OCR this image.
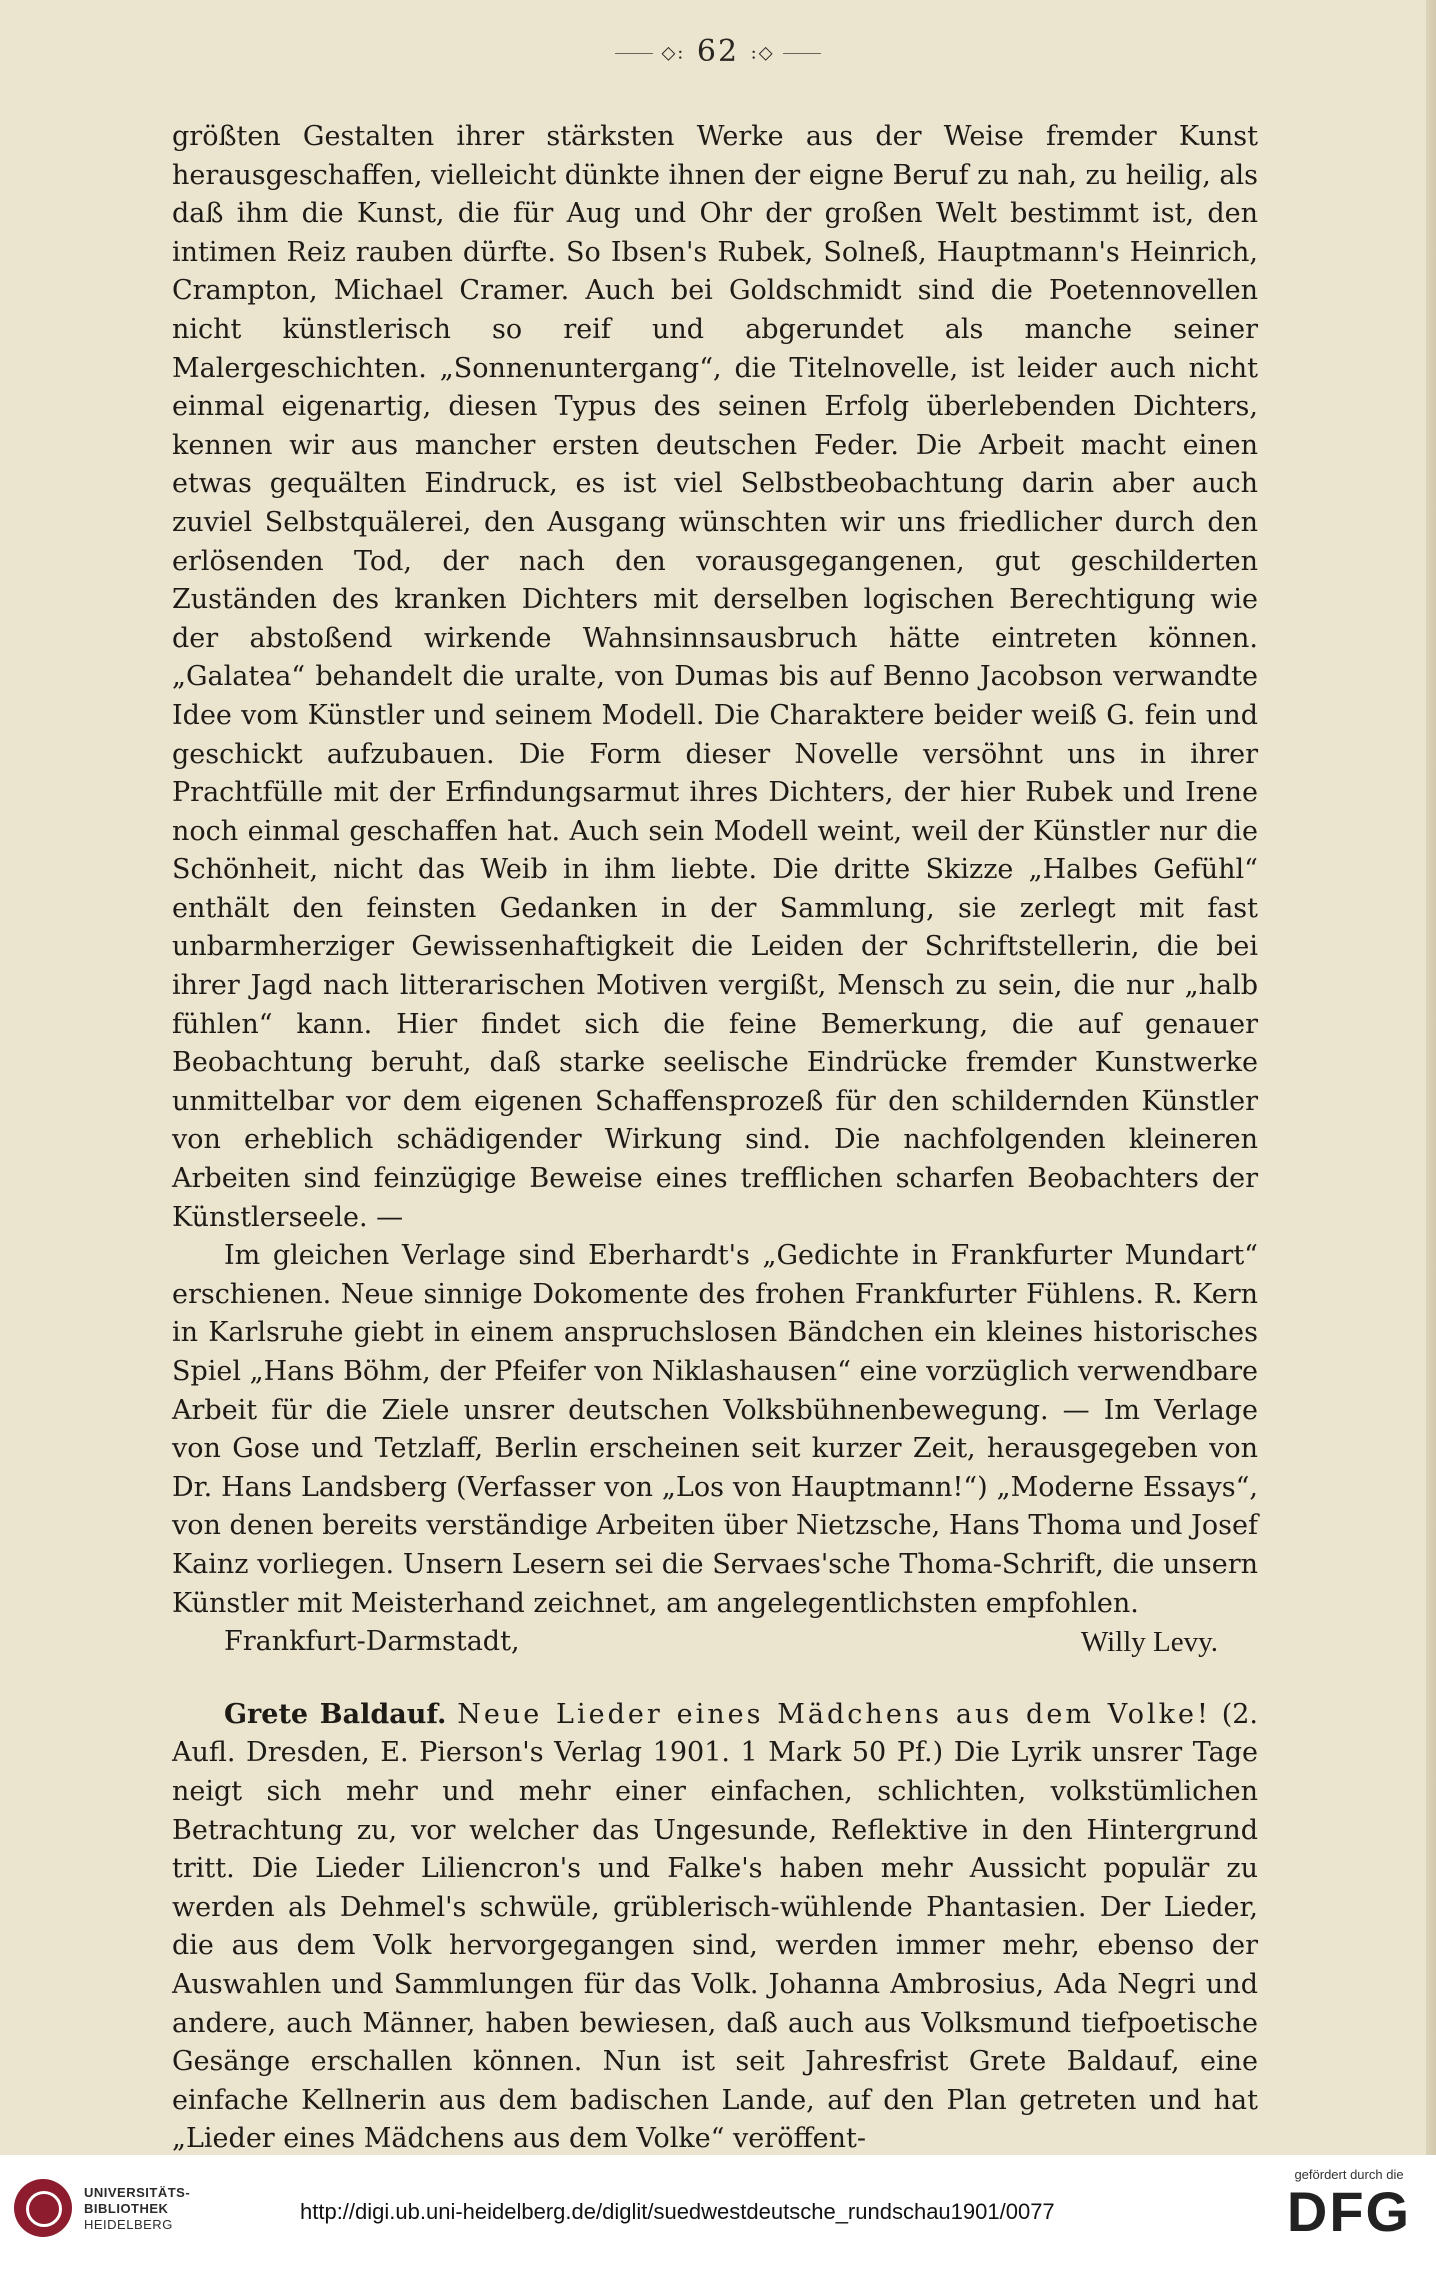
◇: 62 :◇

größten Gestalten ihrer stärksten Werke aus der Weise fremder Kunst herausgeschaffen, vielleicht dünkte ihnen der eigne Beruf zu nah, zu heilig, als daß ihm die Kunst, die für Aug und Ohr der großen Welt bestimmt ist, den intimen Reiz rauben dürfte. So Ibsen's Rubek, Solneß, Hauptmann's Heinrich, Crampton, Michael Cramer. Auch bei Goldschmidt sind die Poetennovellen nicht künstlerisch so reif und abgerundet als manche seiner Malergeschichten. „Sonnenuntergang“, die Titelnovelle, ist leider auch nicht einmal eigenartig, diesen Typus des seinen Erfolg überlebenden Dichters, kennen wir aus mancher ersten deutschen Feder. Die Arbeit macht einen etwas gequälten Eindruck, es ist viel Selbstbeobachtung darin aber auch zuviel Selbstquälerei, den Ausgang wünschten wir uns friedlicher durch den erlösenden Tod, der nach den vorausgegangenen, gut geschilderten Zuständen des kranken Dichters mit derselben logischen Berechtigung wie der abstoßend wirkende Wahnsinnsausbruch hätte eintreten können. „Galatea“ behandelt die uralte, von Dumas bis auf Benno Jacobson verwandte Idee vom Künstler und seinem Modell. Die Charaktere beider weiß G. fein und geschickt aufzubauen. Die Form dieser Novelle versöhnt uns in ihrer Prachtfülle mit der Erfindungsarmut ihres Dichters, der hier Rubek und Irene noch einmal geschaffen hat. Auch sein Modell weint, weil der Künstler nur die Schönheit, nicht das Weib in ihm liebte. Die dritte Skizze „Halbes Gefühl“ enthält den feinsten Gedanken in der Sammlung, sie zerlegt mit fast unbarmherziger Gewissenhaftigkeit die Leiden der Schriftstellerin, die bei ihrer Jagd nach litterarischen Motiven vergißt, Mensch zu sein, die nur „halb fühlen“ kann. Hier findet sich die feine Bemerkung, die auf genauer Beobachtung beruht, daß starke seelische Eindrücke fremder Kunstwerke unmittelbar vor dem eigenen Schaffensprozeß für den schildernden Künstler von erheblich schädigender Wirkung sind. Die nachfolgenden kleineren Arbeiten sind feinzügige Beweise eines trefflichen scharfen Beobachters der Künstlerseele. —

Im gleichen Verlage sind Eberhardt's „Gedichte in Frankfurter Mundart“ erschienen. Neue sinnige Dokomente des frohen Frankfurter Fühlens. R. Kern in Karlsruhe giebt in einem anspruchslosen Bändchen ein kleines historisches Spiel „Hans Böhm, der Pfeifer von Niklashausen“ eine vorzüglich verwendbare Arbeit für die Ziele unsrer deutschen Volksbühnenbewegung. — Im Verlage von Gose und Tetzlaff, Berlin erscheinen seit kurzer Zeit, herausgegeben von Dr. Hans Landsberg (Verfasser von „Los von Hauptmann!“) „Moderne Essays“, von denen bereits verständige Arbeiten über Nietzsche, Hans Thoma und Josef Kainz vorliegen. Unsern Lesern sei die Servaes'sche Thoma-Schrift, die unsern Künstler mit Meisterhand zeichnet, am angelegentlichsten empfohlen.

Frankfurt-Darmstadt,	Willy Levy.

Grete Baldauf. Neue Lieder eines Mädchens aus dem Volke! (2. Aufl. Dresden, E. Pierson's Verlag 1901. 1 Mark 50 Pf.) Die Lyrik unsrer Tage neigt sich mehr und mehr einer einfachen, schlichten, volkstümlichen Betrachtung zu, vor welcher das Ungesunde, Reflektive in den Hintergrund tritt. Die Lieder Liliencron's und Falke's haben mehr Aussicht populär zu werden als Dehmel's schwüle, grüblerisch-wühlende Phantasien. Der Lieder, die aus dem Volk hervorgegangen sind, werden immer mehr, ebenso der Auswahlen und Sammlungen für das Volk. Johanna Ambrosius, Ada Negri und andere, auch Männer, haben bewiesen, daß auch aus Volksmund tiefpoetische Gesänge erschallen können. Nun ist seit Jahresfrist Grete Baldauf, eine einfache Kellnerin aus dem badischen Lande, auf den Plan getreten und hat „Lieder eines Mädchens aus dem Volke“ veröffent-

UNIVERSITÄTS-
BIBLIOTHEK
HEIDELBERG
http://digi.ub.uni-heidelberg.de/diglit/suedwestdeutsche_rundschau1901/0077
gefördert durch die
DFG
